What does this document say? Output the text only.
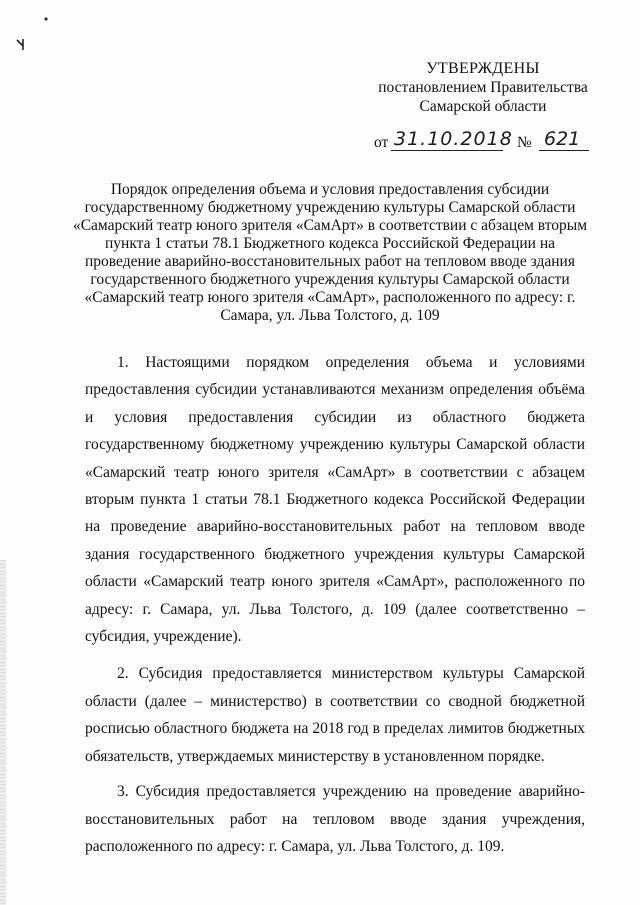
УТВЕРЖДЕНЫ
постановлением Правительства
Самарской области
от 31.10.2018 № 621
Порядок определения объема и условия предоставления субсидии государственному бюджетному учреждению культуры Самарской области «Самарский театр юного зрителя «СамАрт» в соответствии с абзацем вторым пункта 1 статьи 78.1 Бюджетного кодекса Российской Федерации на проведение аварийно-восстановительных работ на тепловом вводе здания государственного бюджетного учреждения культуры Самарской области «Самарский театр юного зрителя «СамАрт», расположенного по адресу: г. Самара, ул. Льва Толстого, д. 109

1. Настоящими порядком определения объема и условиями предоставления субсидии устанавливаются механизм определения объёма и условия предоставления субсидии из областного бюджета государственному бюджетному учреждению культуры Самарской области «Самарский театр юного зрителя «СамАрт» в соответствии с абзацем вторым пункта 1 статьи 78.1 Бюджетного кодекса Российской Федерации на проведение аварийно-восстановительных работ на тепловом вводе здания государственного бюджетного учреждения культуры Самарской области «Самарский театр юного зрителя «СамАрт», расположенного по адресу: г. Самара, ул. Льва Толстого, д. 109 (далее соответственно – субсидия, учреждение).

2. Субсидия предоставляется министерством культуры Самарской области (далее – министерство) в соответствии со сводной бюджетной росписью областного бюджета на 2018 год в пределах лимитов бюджетных обязательств, утверждаемых министерству в установленном порядке.

3. Субсидия предоставляется учреждению на проведение аварийно-восстановительных работ на тепловом вводе здания учреждения, расположенного по адресу: г. Самара, ул. Льва Толстого, д. 109.
